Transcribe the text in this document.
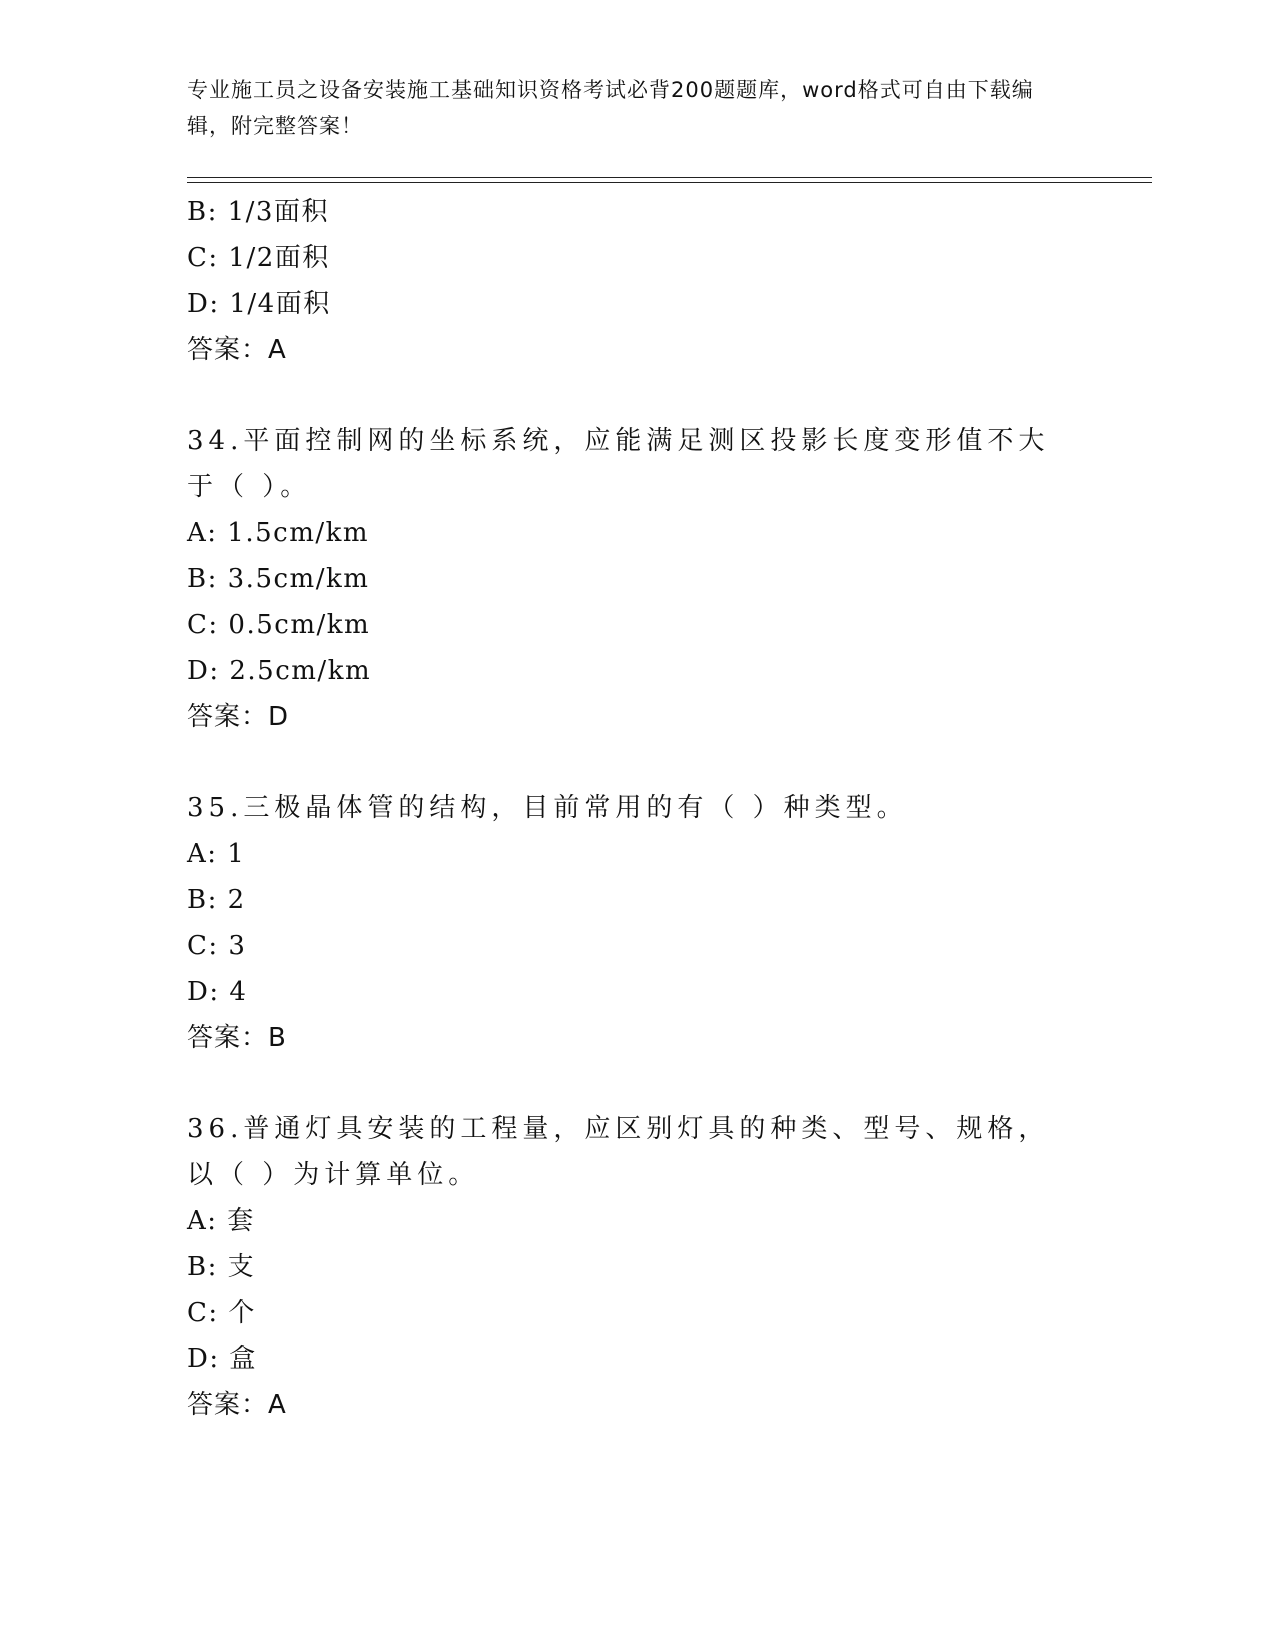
专业施工员之设备安装施工基础知识资格考试必背200题题库，word格式可自由下载编辑，附完整答案！
B: 1/3面积
C: 1/2面积
D: 1/4面积
答案：A
34.平面控制网的坐标系统，应能满足测区投影长度变形值不大于（ ）。
A: 1.5cm/km
B: 3.5cm/km
C: 0.5cm/km
D: 2.5cm/km
答案：D
35.三极晶体管的结构，目前常用的有（ ）种类型。
A: 1
B: 2
C: 3
D: 4
答案：B
36.普通灯具安装的工程量，应区别灯具的种类、型号、规格，以（ ）为计算单位。
A: 套
B: 支
C: 个
D: 盒
答案：A
